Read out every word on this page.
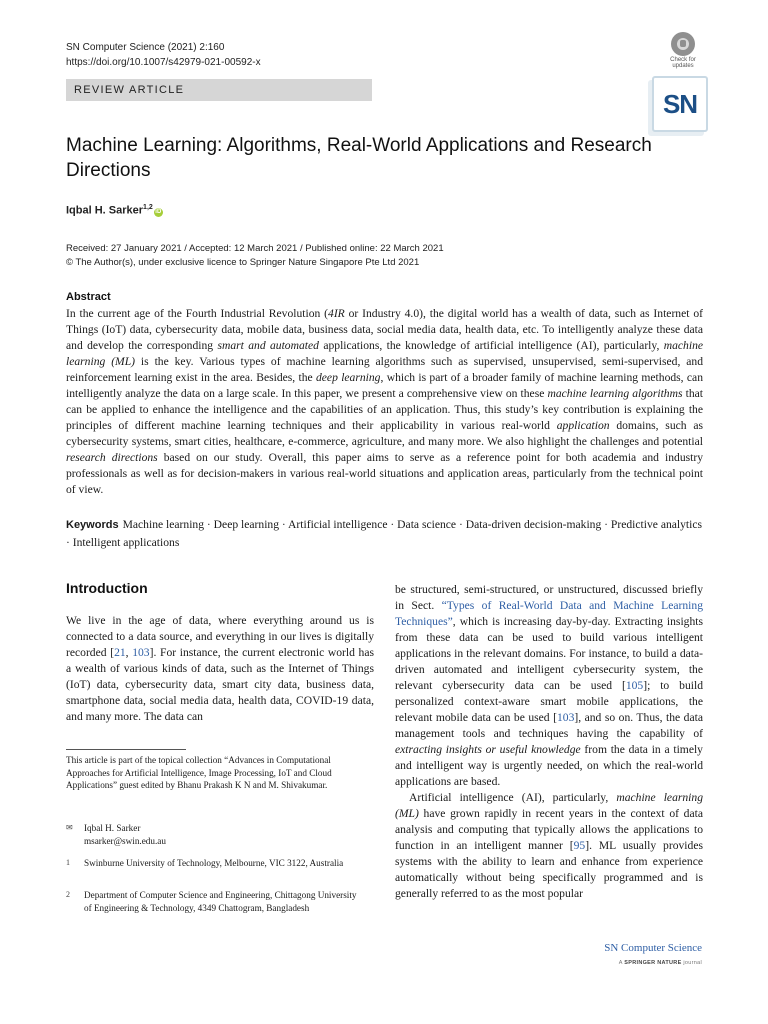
SN Computer Science (2021) 2:160
https://doi.org/10.1007/s42979-021-00592-x
REVIEW ARTICLE
Check for updates
SN
Machine Learning: Algorithms, Real-World Applications and Research Directions
Iqbal H. Sarker$^{1,2}$iD
Received: 27 January 2021 / Accepted: 12 March 2021 / Published online: 22 March 2021
© The Author(s), under exclusive licence to Springer Nature Singapore Pte Ltd 2021
Abstract
In the current age of the Fourth Industrial Revolution (4IR or Industry 4.0), the digital world has a wealth of data, such as Internet of Things (IoT) data, cybersecurity data, mobile data, business data, social media data, health data, etc. To intelligently analyze these data and develop the corresponding smart and automated applications, the knowledge of artificial intelligence (AI), particularly, machine learning (ML) is the key. Various types of machine learning algorithms such as supervised, unsupervised, semi-supervised, and reinforcement learning exist in the area. Besides, the deep learning, which is part of a broader family of machine learning methods, can intelligently analyze the data on a large scale. In this paper, we present a comprehensive view on these machine learning algorithms that can be applied to enhance the intelligence and the capabilities of an application. Thus, this study’s key contribution is explaining the principles of different machine learning techniques and their applicability in various real-world application domains, such as cybersecurity systems, smart cities, healthcare, e-commerce, agriculture, and many more. We also highlight the challenges and potential research directions based on our study. Overall, this paper aims to serve as a reference point for both academia and industry professionals as well as for decision-makers in various real-world situations and application areas, particularly from the technical point of view.
Keywords Machine learning · Deep learning · Artificial intelligence · Data science · Data-driven decision-making · Predictive analytics · Intelligent applications
Introduction
We live in the age of data, where everything around us is connected to a data source, and everything in our lives is digitally recorded [21, 103]. For instance, the current electronic world has a wealth of various kinds of data, such as the Internet of Things (IoT) data, cybersecurity data, smart city data, business data, smartphone data, social media data, health data, COVID-19 data, and many more. The data can
be structured, semi-structured, or unstructured, discussed briefly in Sect. “Types of Real-World Data and Machine Learning Techniques”, which is increasing day-by-day. Extracting insights from these data can be used to build various intelligent applications in the relevant domains. For instance, to build a data-driven automated and intelligent cybersecurity system, the relevant cybersecurity data can be used [105]; to build personalized context-aware smart mobile applications, the relevant mobile data can be used [103], and so on. Thus, the data management tools and techniques having the capability of extracting insights or useful knowledge from the data in a timely and intelligent way is urgently needed, on which the real-world applications are based.
Artificial intelligence (AI), particularly, machine learning (ML) have grown rapidly in recent years in the context of data analysis and computing that typically allows the applications to function in an intelligent manner [95]. ML usually provides systems with the ability to learn and enhance from experience automatically without being specifically programmed and is generally referred to as the most popular
This article is part of the topical collection “Advances in Computational Approaches for Artificial Intelligence, Image Processing, IoT and Cloud Applications” guest edited by Bhanu Prakash K N and M. Shivakumar.
✉ Iqbal H. Sarker
msarker@swin.edu.au
1 Swinburne University of Technology, Melbourne, VIC 3122, Australia
2 Department of Computer Science and Engineering, Chittagong University of Engineering & Technology, 4349 Chattogram, Bangladesh
SN Computer Science
A SPRINGER NATURE journal
